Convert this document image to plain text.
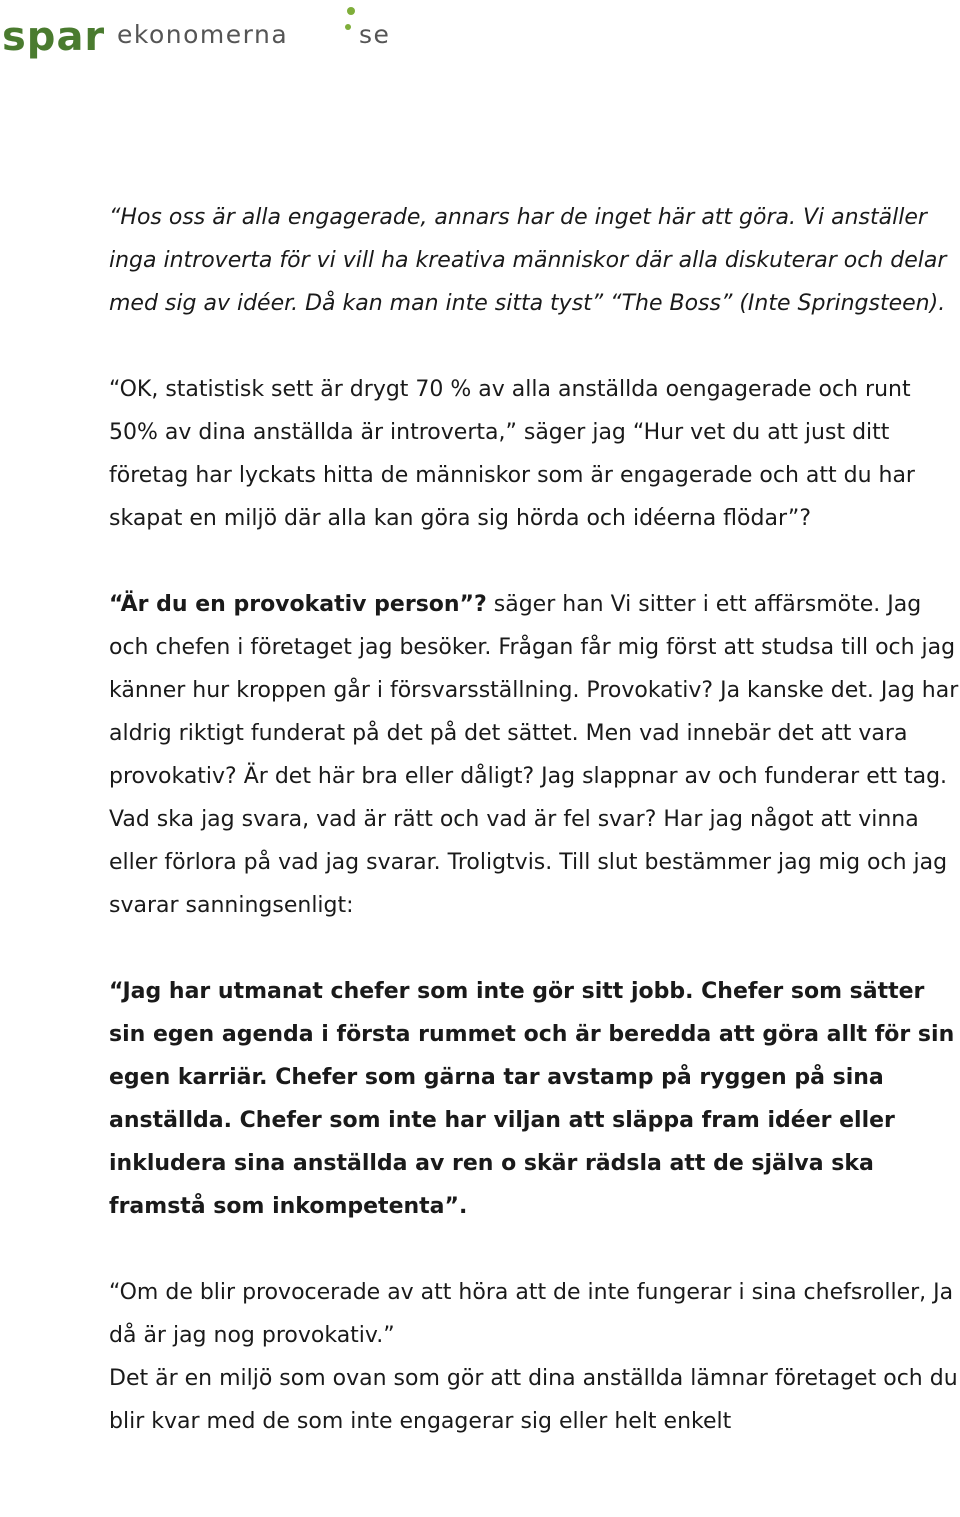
spar ekonomerna	se

“Hos oss är alla engagerade, annars har de inget här att göra. Vi anställer inga introverta för vi vill ha kreativa människor där alla diskuterar och delar med sig av idéer. Då kan man inte sitta tyst” “The Boss” (Inte Springsteen).

“OK, statistisk sett är drygt 70 % av alla anställda oengagerade och runt 50% av dina anställda är introverta,” säger jag “Hur vet du att just ditt företag har lyckats hitta de människor som är engagerade och att du har skapat en miljö där alla kan göra sig hörda och idéerna flödar”?

“Är du en provokativ person”? säger han Vi sitter i ett affärsmöte. Jag och chefen i företaget jag besöker. Frågan får mig först att studsa till och jag känner hur kroppen går i försvarsställning. Provokativ? Ja kanske det. Jag har aldrig riktigt funderat på det på det sättet. Men vad innebär det att vara provokativ? Är det här bra eller dåligt? Jag slappnar av och funderar ett tag. Vad ska jag svara, vad är rätt och vad är fel svar? Har jag något att vinna eller förlora på vad jag svarar. Troligtvis. Till slut bestämmer jag mig och jag svarar sanningsenligt:

“Jag har utmanat chefer som inte gör sitt jobb. Chefer som sätter sin egen agenda i första rummet och är beredda att göra allt för sin egen karriär. Chefer som gärna tar avstamp på ryggen på sina anställda. Chefer som inte har viljan att släppa fram idéer eller inkludera sina anställda av ren o skär rädsla att de själva ska framstå som inkompetenta”.

“Om de blir provocerade av att höra att de inte fungerar i sina chefsroller, Ja då är jag nog provokativ.”

Det är en miljö som ovan som gör att dina anställda lämnar företaget och du blir kvar med de som inte engagerar sig eller helt enkelt
